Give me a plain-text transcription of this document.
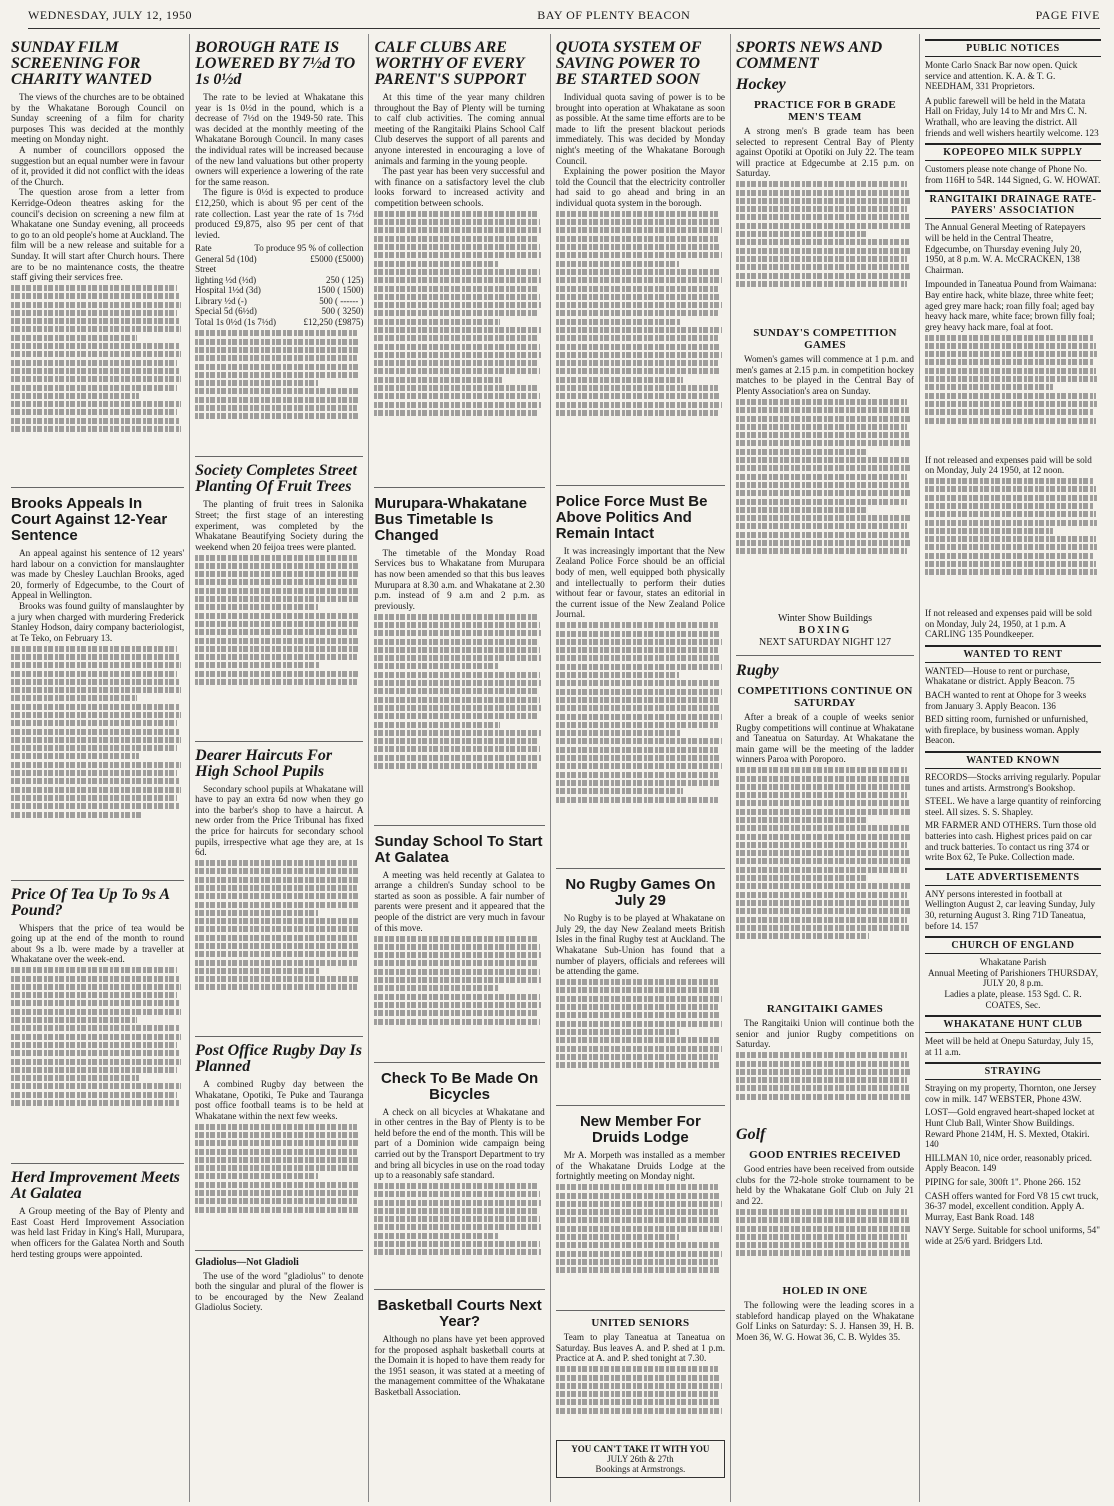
WEDNESDAY, JULY 12, 1950	BAY OF PLENTY BEACON	PAGE FIVE
SUNDAY FILM SCREENING FOR CHARITY WANTED

The views of the churches are to be obtained by the Whakatane Borough Council on Sunday screening of a film for charity purposes This was decided at the monthly meeting on Monday night.

A number of councillors opposed the suggestion but an equal number were in favour of it, provided it did not conflict with the ideas of the Church.

The question arose from a letter from Kerridge-Odeon theatres asking for the council's decision on screening a new film at Whakatane one Sunday evening, all proceeds to go to an old people's home at Auckland. The film will be a new release and suitable for a Sunday. It will start after Church hours. There are to be no maintenance costs, the theatre staff giving their services free.

Brooks Appeals In Court Against 12-Year Sentence

An appeal against his sentence of 12 years' hard labour on a conviction for manslaughter was made by Chesley Lauchlan Brooks, aged 20, formerly of Edgecumbe, to the Court of Appeal in Wellington.

Brooks was found guilty of manslaughter by a jury when charged with murdering Frederick Stanley Hodson, dairy company bacteriologist, at Te Teko, on February 13.

Price Of Tea Up To 9s A Pound?

Whispers that the price of tea would be going up at the end of the month to round about 9s a lb. were made by a traveller at Whakatane over the week-end.

Herd Improvement Meets At Galatea

A Group meeting of the Bay of Plenty and East Coast Herd Improvement Association was held last Friday in King's Hall, Murupara, when officers for the Galatea North and South herd testing groups were appointed.

BOROUGH RATE IS LOWERED BY 7½d TO 1s 0½d

The rate to be levied at Whakatane this year is 1s 0½d in the pound, which is a decrease of 7½d on the 1949-50 rate. This was decided at the monthly meeting of the Whakatane Borough Council. In many cases the individual rates will be increased because of the new land valuations but other property owners will experience a lowering of the rate for the same reason.

The figure is 0½d is expected to produce £12,250, which is about 95 per cent of the rate collection. Last year the rate of 1s 7½d produced £9,875, also 95 per cent of that levied.

Rate	To produce 95 % of collection
General 5d (10d)	£5000 (£5000)
Street
lighting ½d (½d)	250 ( 125)
Hospital 1½d (3d)	1500 ( 1500)
Library ½d (-)	500 ( ------ )
Special 5d (6½d)	500 ( 3250)
Total 1s 0½d (1s 7½d)	£12,250 (£9875)
Society Completes Street Planting Of Fruit Trees

The planting of fruit trees in Salonika Street; the first stage of an interesting experiment, was completed by the Whakatane Beautifying Society during the weekend when 20 feijoa trees were planted.

Dearer Haircuts For High School Pupils

Secondary school pupils at Whakatane will have to pay an extra 6d now when they go into the barber's shop to have a haircut. A new order from the Price Tribunal has fixed the price for haircuts for secondary school pupils, irrespective what age they are, at 1s 6d.

Post Office Rugby Day Is Planned

A combined Rugby day between the Whakatane, Opotiki, Te Puke and Tauranga post office football teams is to be held at Whakatane within the next few weeks.

Gladiolus—Not Gladioli

The use of the word "gladiolus" to denote both the singular and plural of the flower is to be encouraged by the New Zealand Gladiolus Society.

CALF CLUBS ARE WORTHY OF EVERY PARENT'S SUPPORT

At this time of the year many children throughout the Bay of Plenty will be turning to calf club activities. The coming annual meeting of the Rangitaiki Plains School Calf Club deserves the support of all parents and anyone interested in encouraging a love of animals and farming in the young people.

The past year has been very successful and with finance on a satisfactory level the club looks forward to increased activity and competition between schools.

Murupara-Whakatane Bus Timetable Is Changed

The timetable of the Monday Road Services bus to Whakatane from Murupara has now been amended so that this bus leaves Murupara at 8.30 a.m. and Whakatane at 2.30 p.m. instead of 9 a.m and 2 p.m. as previously.

Sunday School To Start At Galatea

A meeting was held recently at Galatea to arrange a children's Sunday school to be started as soon as possible. A fair number of parents were present and it appeared that the people of the district are very much in favour of this move.

Check To Be Made On Bicycles

A check on all bicycles at Whakatane and in other centres in the Bay of Plenty is to be held before the end of the month. This will be part of a Dominion wide campaign being carried out by the Transport Department to try and bring all bicycles in use on the road today up to a reasonably safe standard.

Basketball Courts Next Year?

Although no plans have yet been approved for the proposed asphalt basketball courts at the Domain it is hoped to have them ready for the 1951 season, it was stated at a meeting of the management committee of the Whakatane Basketball Association.

QUOTA SYSTEM OF SAVING POWER TO BE STARTED SOON

Individual quota saving of power is to be brought into operation at Whakatane as soon as possible. At the same time efforts are to be made to lift the present blackout periods immediately. This was decided by Monday night's meeting of the Whakatane Borough Council.

Explaining the power position the Mayor told the Council that the electricity controller had said to go ahead and bring in an individual quota system in the borough.

Police Force Must Be Above Politics And Remain Intact

It was increasingly important that the New Zealand Police Force should be an official body of men, well equipped both physically and intellectually to perform their duties without fear or favour, states an editorial in the current issue of the New Zealand Police Journal.

No Rugby Games On July 29

No Rugby is to be played at Whakatane on July 29, the day New Zealand meets British Isles in the final Rugby test at Auckland. The Whakatane Sub-Union has found that a number of players, officials and referees will be attending the game.

New Member For Druids Lodge

Mr A. Morpeth was installed as a member of the Whakatane Druids Lodge at the fortnightly meeting on Monday night.

UNITED SENIORS

Team to play Taneatua at Taneatua on Saturday. Bus leaves A. and P. shed at 1 p.m. Practice at A. and P. shed tonight at 7.30.

YOU CAN'T TAKE IT WITH YOU
JULY 26th & 27th
Bookings at Armstrongs.
SPORTS NEWS AND COMMENT
Hockey
PRACTICE FOR B GRADE MEN'S TEAM

A strong men's B grade team has been selected to represent Central Bay of Plenty against Opotiki at Opotiki on July 22. The team will practice at Edgecumbe at 2.15 p.m. on Saturday.

SUNDAY'S COMPETITION GAMES

Women's games will commence at 1 p.m. and men's games at 2.15 p.m. in competition hockey matches to be played in the Central Bay of Plenty Association's area on Sunday.

Winter Show Buildings
BOXING
NEXT SATURDAY NIGHT 127
Rugby
COMPETITIONS CONTINUE ON SATURDAY

After a break of a couple of weeks senior Rugby competitions will continue at Whakatane and Taneatua on Saturday. At Whakatane the main game will be the meeting of the ladder winners Paroa with Poroporo.

RANGITAIKI GAMES

The Rangitaiki Union will continue both the senior and junior Rugby competitions on Saturday.

Golf
GOOD ENTRIES RECEIVED

Good entries have been received from outside clubs for the 72-hole stroke tournament to be held by the Whakatane Golf Club on July 21 and 22.

HOLED IN ONE

The following were the leading scores in a stableford handicap played on the Whakatane Golf Links on Saturday: S. J. Hansen 39, H. B. Moen 36, W. G. Howat 36, C. B. Wyldes 35.

PUBLIC NOTICES
Monte Carlo Snack Bar now open. Quick service and attention. K. A. & T. G. NEEDHAM, 331 Proprietors.
A public farewell will be held in the Matata Hall on Friday, July 14 to Mr and Mrs C. N. Wrathall, who are leaving the district. All friends and well wishers heartily welcome. 123
KOPEOPEO MILK SUPPLY
Customers please note change of Phone No. from 116H to 54R. 144 Signed, G. W. HOWAT.
RANGITAIKI DRAINAGE RATE-PAYERS' ASSOCIATION
The Annual General Meeting of Ratepayers will be held in the Central Theatre, Edgecumbe, on Thursday evening July 20, 1950, at 8 p.m. W. A. McCRACKEN, 138 Chairman.
Impounded in Taneatua Pound from Waimana: Bay entire hack, white blaze, three white feet; aged grey mare hack; roan filly foal; aged bay heavy hack mare, white face; brown filly foal; grey heavy hack mare, foal at foot.
If not released and expenses paid will be sold on Monday, July 24 1950, at 12 noon.
If not released and expenses paid will be sold on Monday, July 24, 1950, at 1 p.m. A CARLING 135 Poundkeeper.
WANTED TO RENT
WANTED—House to rent or purchase, Whakatane or district. Apply Beacon. 75
BACH wanted to rent at Ohope for 3 weeks from January 3. Apply Beacon. 136
BED sitting room, furnished or unfurnished, with fireplace, by business woman. Apply Beacon.
WANTED KNOWN
RECORDS—Stocks arriving regularly. Popular tunes and artists. Armstrong's Bookshop.
STEEL. We have a large quantity of reinforcing steel. All sizes. S. S. Shapley.
MR FARMER AND OTHERS. Turn those old batteries into cash. Highest prices paid on car and truck batteries. To contact us ring 374 or write Box 62, Te Puke. Collection made.
LATE ADVERTISEMENTS
ANY persons interested in football at Wellington August 2, car leaving Sunday, July 30, returning August 3. Ring 71D Taneatua, before 14. 157
CHURCH OF ENGLAND
Whakatane Parish
Annual Meeting of Parishioners THURSDAY, JULY 20, 8 p.m.
Ladies a plate, please. 153 Sgd. C. R. COATES, Sec.
WHAKATANE HUNT CLUB
Meet will be held at Onepu Saturday, July 15, at 11 a.m.
STRAYING
Straying on my property, Thornton, one Jersey cow in milk. 147 WEBSTER, Phone 43W.
LOST—Gold engraved heart-shaped locket at Hunt Club Ball, Winter Show Buildings. Reward Phone 214M, H. S. Mexted, Otakiri. 140
HILLMAN 10, nice order, reasonably priced. Apply Beacon. 149
PIPING for sale, 300ft 1". Phone 266. 152
CASH offers wanted for Ford V8 15 cwt truck, 36-37 model, excellent condition. Apply A. Murray, East Bank Road. 148
NAVY Serge. Suitable for school uniforms, 54" wide at 25/6 yard. Bridgers Ltd.
